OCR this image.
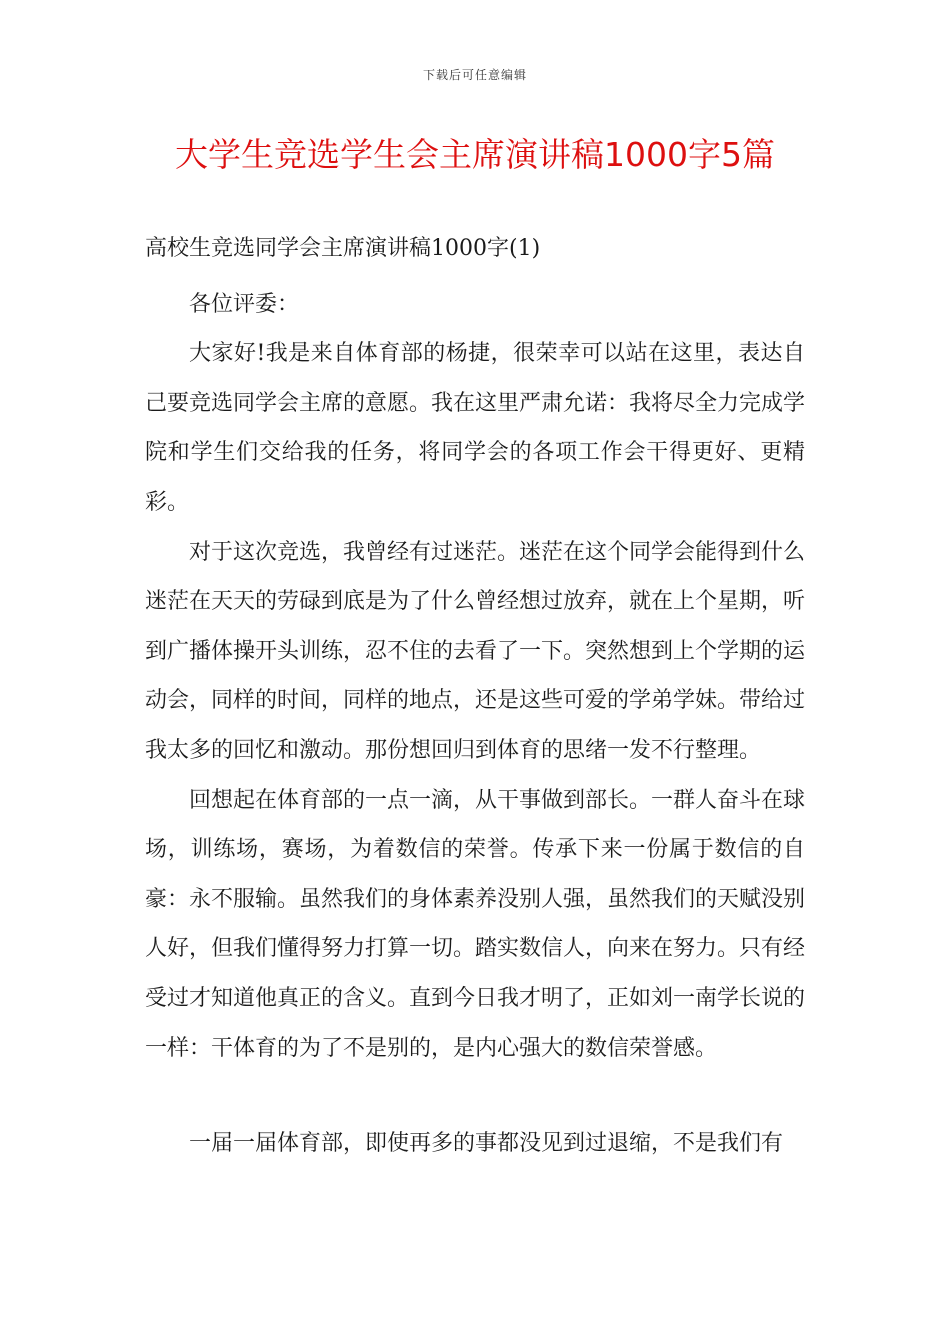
下载后可任意编辑
大学生竞选学生会主席演讲稿1000字5篇

高校生竞选同学会主席演讲稿1000字(1)

各位评委：

大家好!我是来自体育部的杨捷，很荣幸可以站在这里，表达自己要竞选同学会主席的意愿。我在这里严肃允诺：我将尽全力完成学院和学生们交给我的任务，将同学会的各项工作会干得更好、更精彩。

对于这次竞选，我曾经有过迷茫。迷茫在这个同学会能得到什么迷茫在天天的劳碌到底是为了什么曾经想过放弃，就在上个星期，听到广播体操开头训练，忍不住的去看了一下。突然想到上个学期的运动会，同样的时间，同样的地点，还是这些可爱的学弟学妹。带给过我太多的回忆和激动。那份想回归到体育的思绪一发不行整理。

回想起在体育部的一点一滴，从干事做到部长。一群人奋斗在球场，训练场，赛场，为着数信的荣誉。传承下来一份属于数信的自豪：永不服输。虽然我们的身体素养没别人强，虽然我们的天赋没别人好，但我们懂得努力打算一切。踏实数信人，向来在努力。只有经受过才知道他真正的含义。直到今日我才明了，正如刘一南学长说的一样：干体育的为了不是别的，是内心强大的数信荣誉感。

一届一届体育部，即使再多的事都没见到过退缩，不是我们有
